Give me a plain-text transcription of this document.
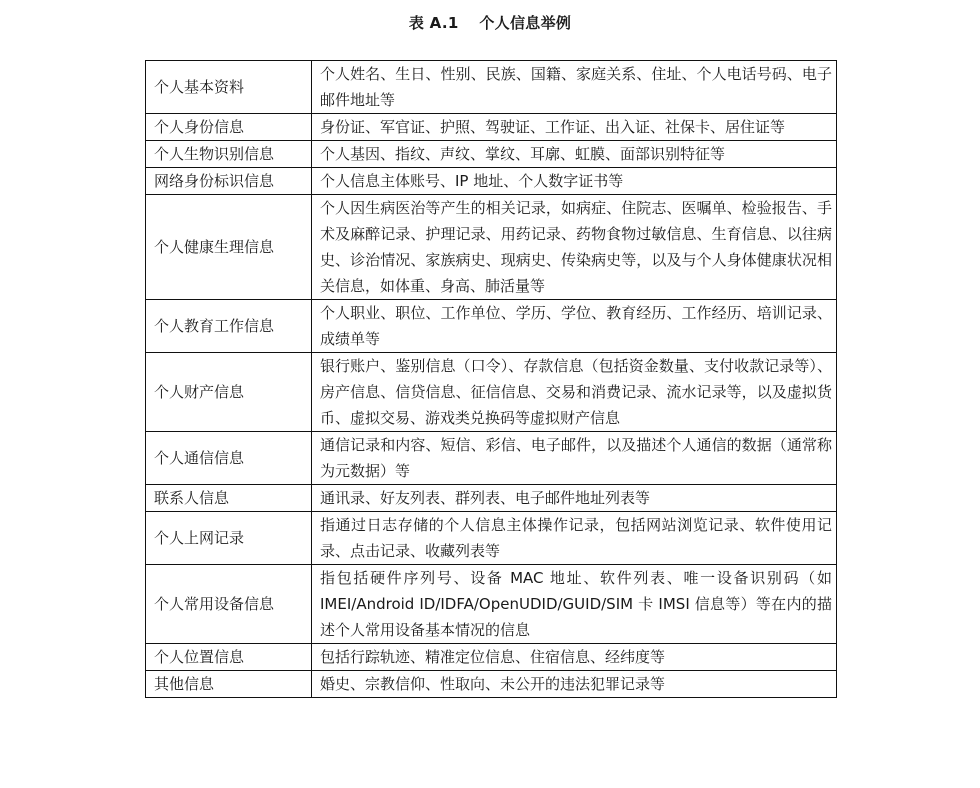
表 A.1　 个人信息举例
个人基本资料	个人姓名、生日、性别、民族、国籍、家庭关系、住址、个人电话号码、电子邮件地址等
个人身份信息	身份证、军官证、护照、驾驶证、工作证、出入证、社保卡、居住证等
个人生物识别信息	个人基因、指纹、声纹、掌纹、耳廓、虹膜、面部识别特征等
网络身份标识信息	个人信息主体账号、IP 地址、个人数字证书等
个人健康生理信息	个人因生病医治等产生的相关记录，如病症、住院志、医嘱单、检验报告、手术及麻醉记录、护理记录、用药记录、药物食物过敏信息、生育信息、以往病史、诊治情况、家族病史、现病史、传染病史等，以及与个人身体健康状况相关信息，如体重、身高、肺活量等
个人教育工作信息	个人职业、职位、工作单位、学历、学位、教育经历、工作经历、培训记录、成绩单等
个人财产信息	银行账户、鉴别信息（口令）、存款信息（包括资金数量、支付收款记录等）、房产信息、信贷信息、征信信息、交易和消费记录、流水记录等，以及虚拟货币、虚拟交易、游戏类兑换码等虚拟财产信息
个人通信信息	通信记录和内容、短信、彩信、电子邮件，以及描述个人通信的数据（通常称为元数据）等
联系人信息	通讯录、好友列表、群列表、电子邮件地址列表等
个人上网记录	指通过日志存储的个人信息主体操作记录，包括网站浏览记录、软件使用记录、点击记录、收藏列表等
个人常用设备信息	指包括硬件序列号、设备 MAC 地址、软件列表、唯一设备识别码（如 IMEI/Android ID/IDFA/OpenUDID/GUID/SIM 卡 IMSI 信息等）等在内的描述个人常用设备基本情况的信息
个人位置信息	包括行踪轨迹、精准定位信息、住宿信息、经纬度等
其他信息	婚史、宗教信仰、性取向、未公开的违法犯罪记录等
